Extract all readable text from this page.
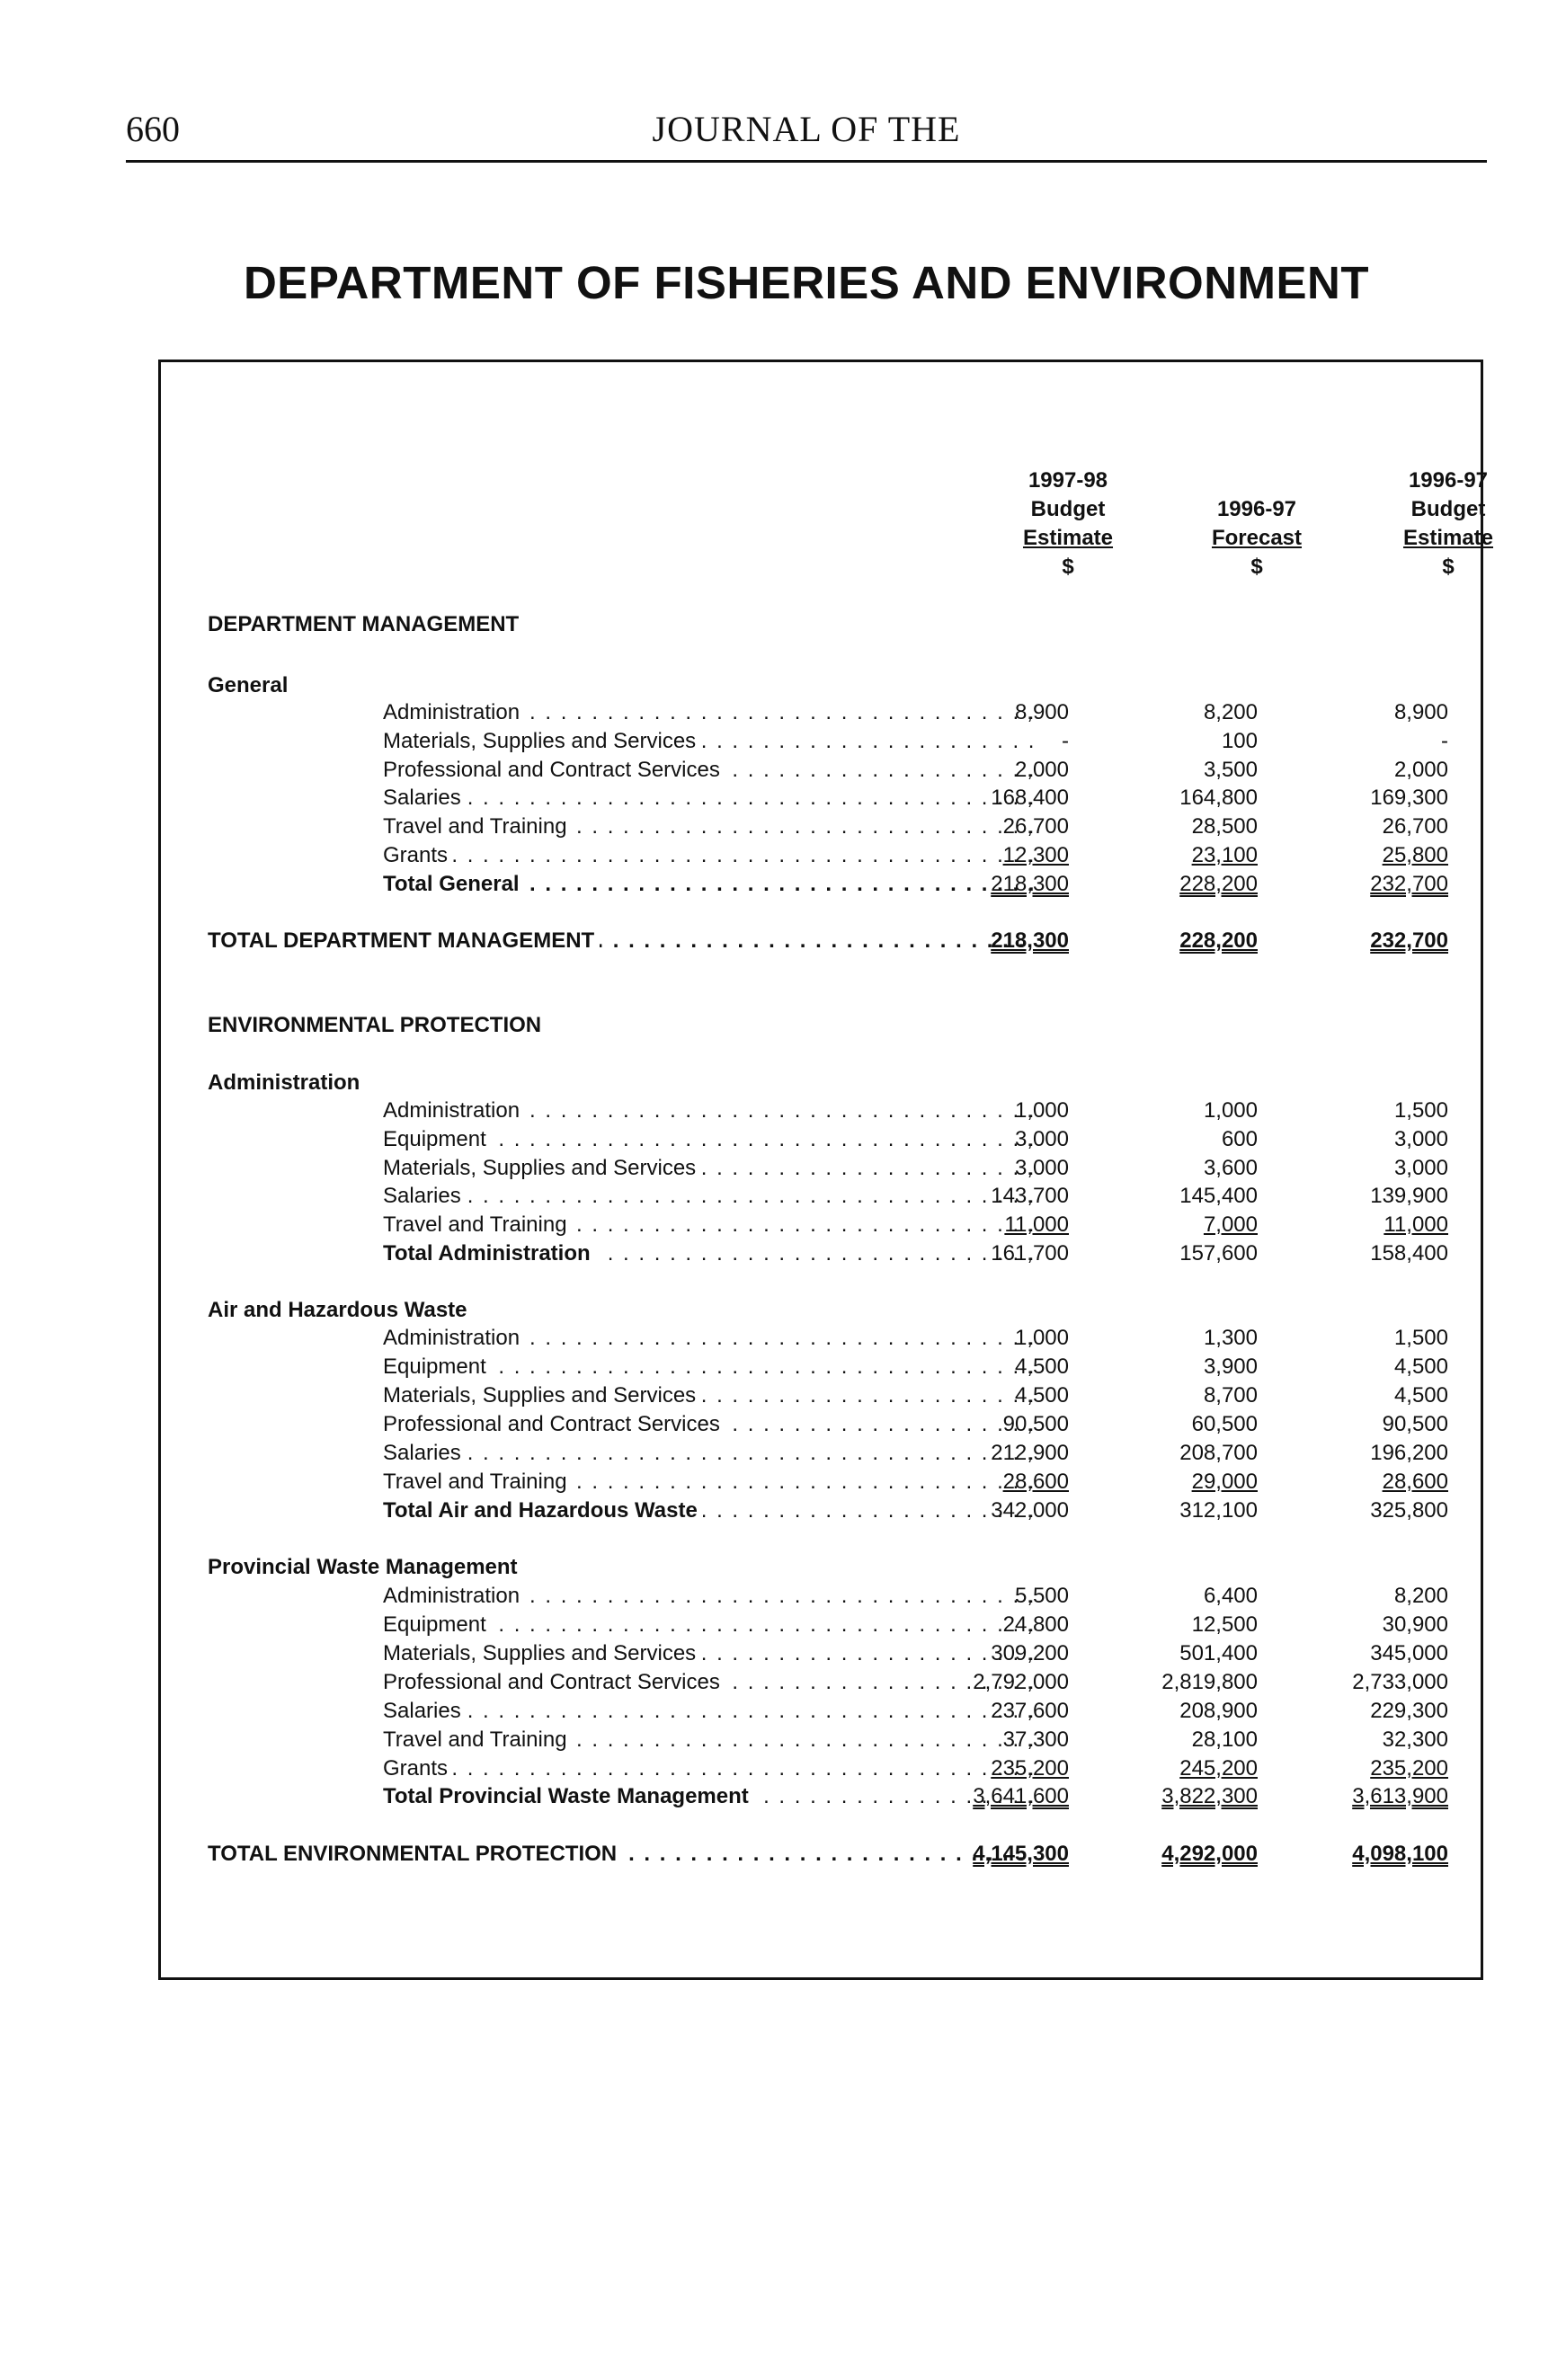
660	JOURNAL OF THE
DEPARTMENT OF FISHERIES AND ENVIRONMENT
1997-98
Budget
Estimate
$

1996-97
Forecast
$
1996-97
Budget
Estimate
$
DEPARTMENT MANAGEMENT
General
Administration . . .	8,900	8,200	8,900
Materials, Supplies and Services . . .	-	100	-
Professional and Contract Services . . .	2,000	3,500	2,000
Salaries . . .	168,400	164,800	169,300
Travel and Training . . .	26,700	28,500	26,700
Grants . . .	12,300	23,100	25,800
Total General . . .	218,300	228,200	232,700
TOTAL DEPARTMENT MANAGEMENT . . .	218,300	228,200	232,700
ENVIRONMENTAL PROTECTION
Administration
Administration . . .	1,000	1,000	1,500
Equipment . . .	3,000	600	3,000
Materials, Supplies and Services . . .	3,000	3,600	3,000
Salaries . . .	143,700	145,400	139,900
Travel and Training . . .	11,000	7,000	11,000
Total Administration . . .	161,700	157,600	158,400
Air and Hazardous Waste
Administration . . .	1,000	1,300	1,500
Equipment . . .	4,500	3,900	4,500
Materials, Supplies and Services . . .	4,500	8,700	4,500
Professional and Contract Services . . .	90,500	60,500	90,500
Salaries . . .	212,900	208,700	196,200
Travel and Training . . .	28,600	29,000	28,600
Total Air and Hazardous Waste . . .	342,000	312,100	325,800
Provincial Waste Management
Administration . . .	5,500	6,400	8,200
Equipment . . .	24,800	12,500	30,900
Materials, Supplies and Services . . .	309,200	501,400	345,000
Professional and Contract Services . . .	2,792,000	2,819,800	2,733,000
Salaries . . .	237,600	208,900	229,300
Travel and Training . . .	37,300	28,100	32,300
Grants . . .	235,200	245,200	235,200
Total Provincial Waste Management . . .	3,641,600	3,822,300	3,613,900
TOTAL ENVIRONMENTAL PROTECTION . . .	4,145,300	4,292,000	4,098,100
